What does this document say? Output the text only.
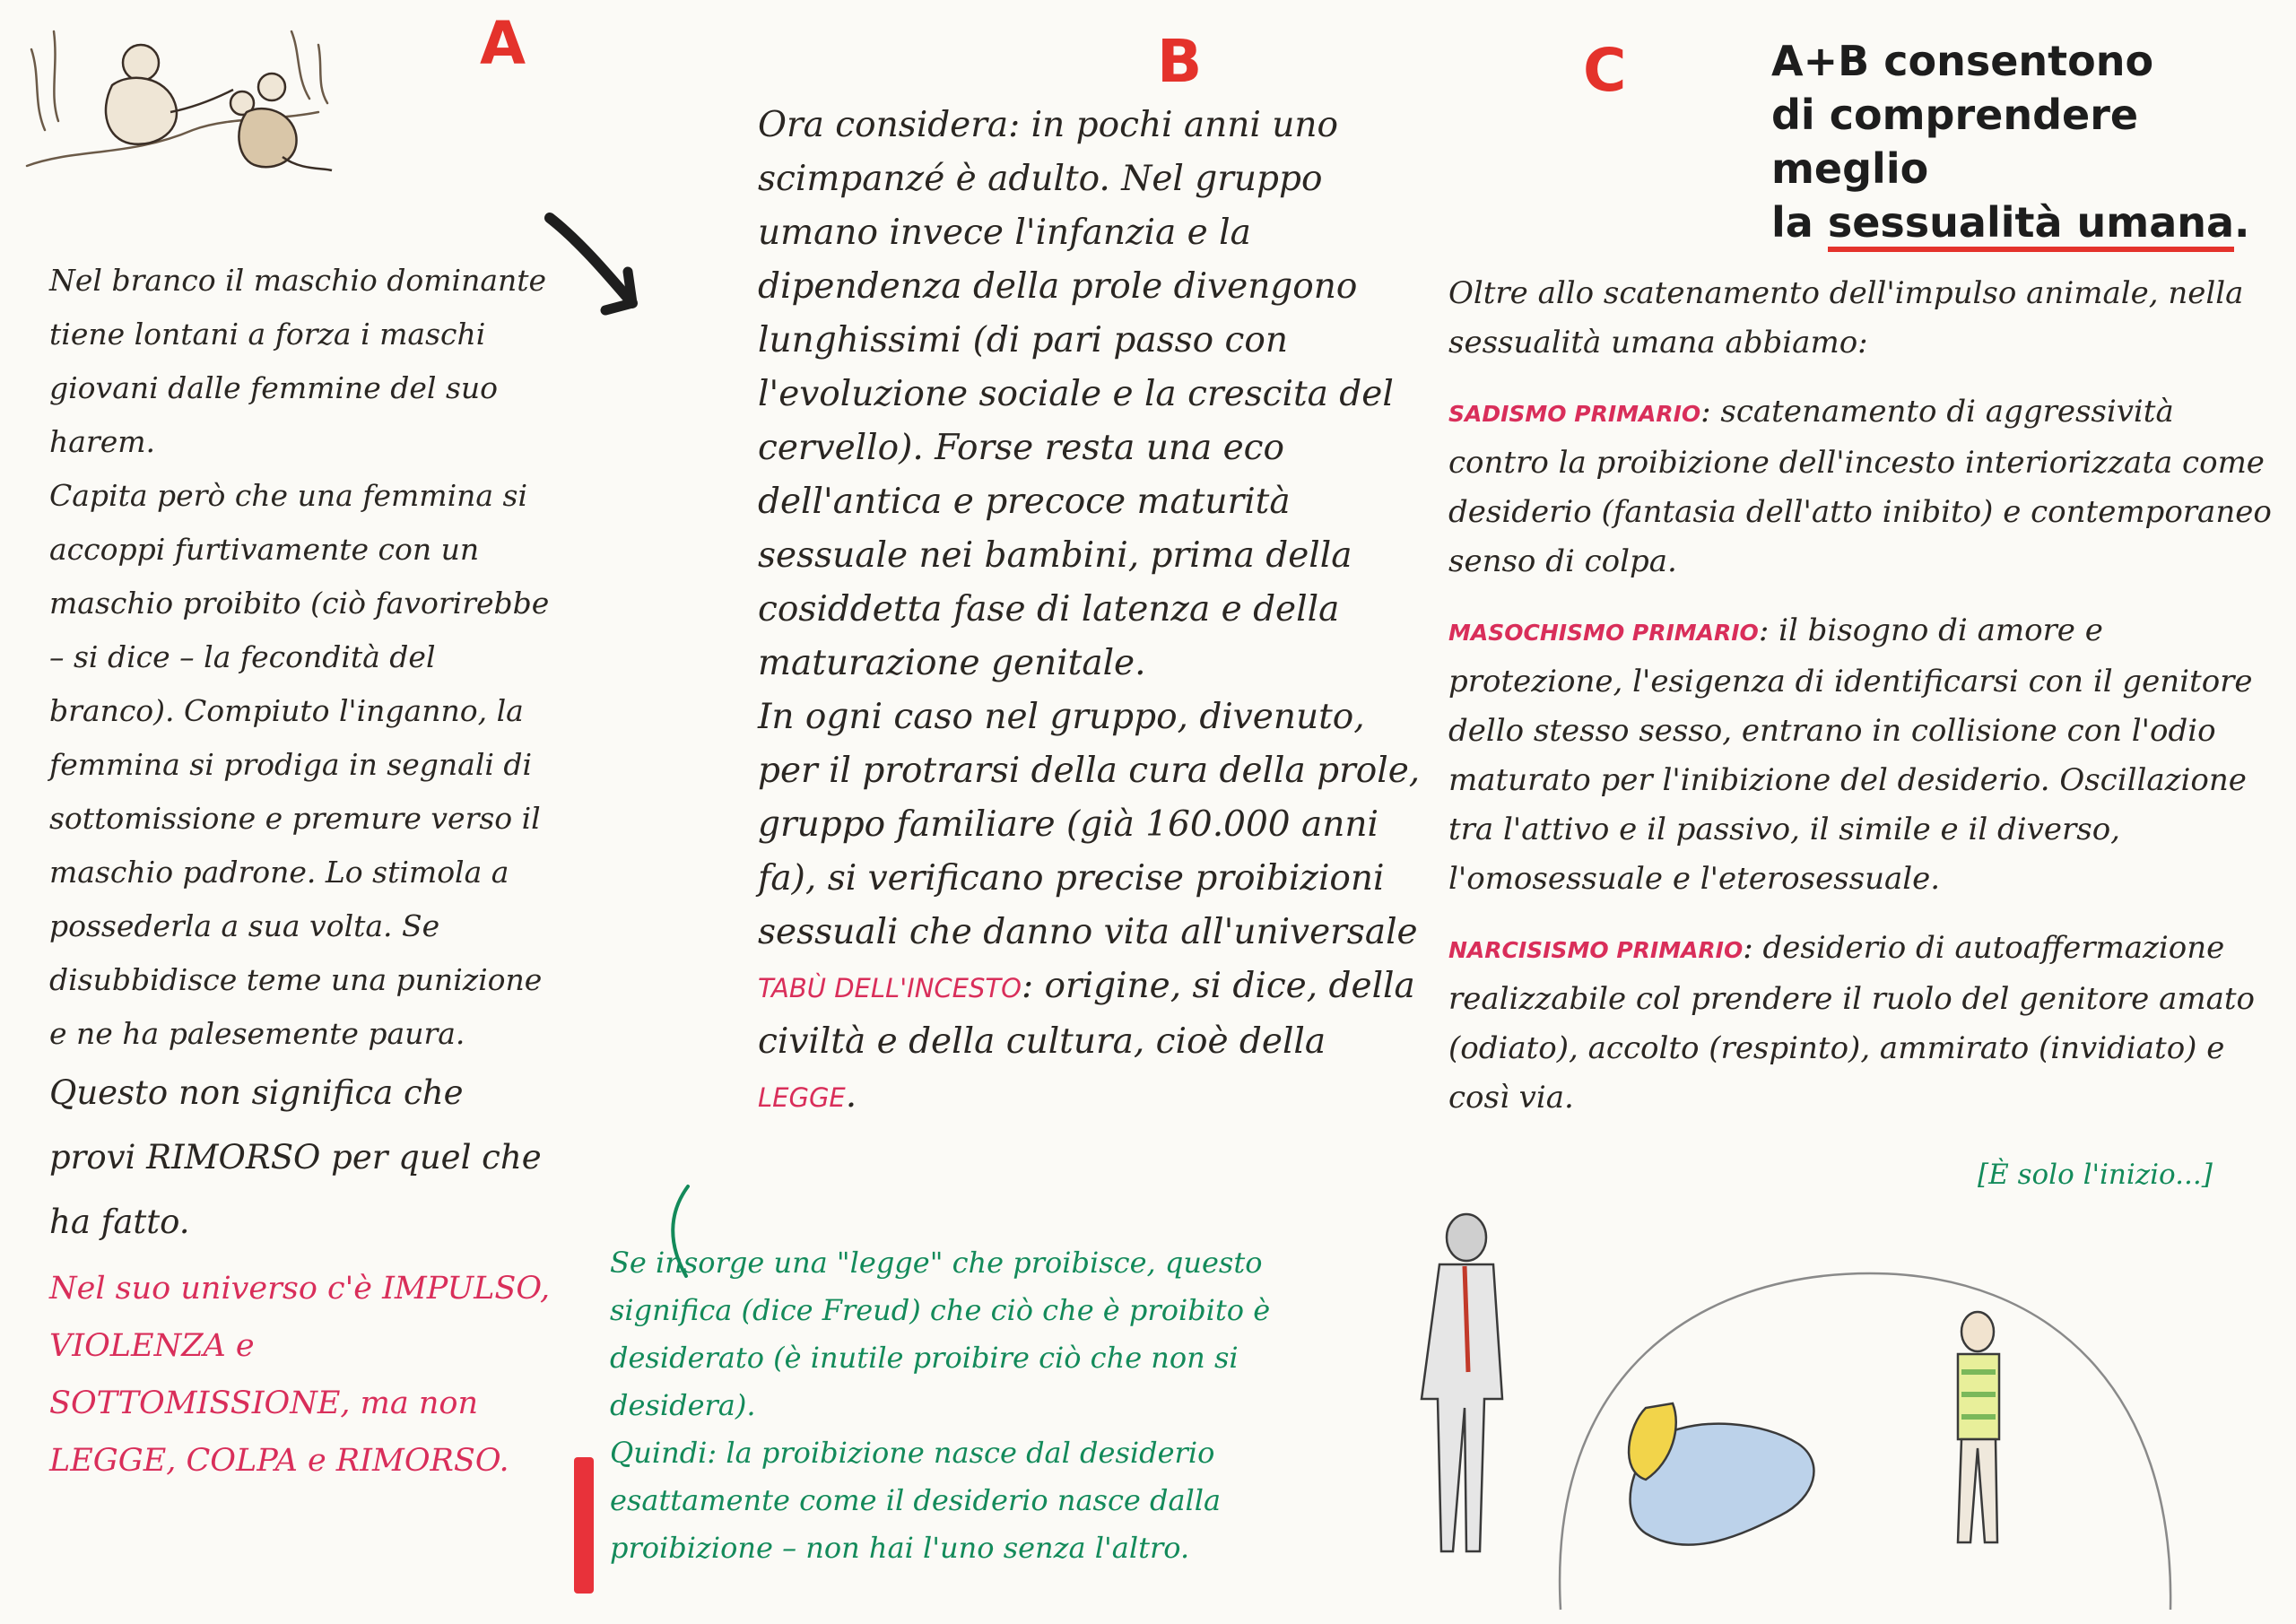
A	B	C	A+B consentono
di comprendere meglio
la sessualità umana.

Nel branco il maschio dominante tiene lontani a forza i maschi giovani dalle femmine del suo harem.

Capita però che una femmina si accoppi furtivamente con un maschio proibito (ciò favorirebbe – si dice – la fecondità del branco). Compiuto l'inganno, la femmina si prodiga in segnali di sottomissione e premure verso il maschio padrone. Lo stimola a possederla a sua volta. Se disubbidisce teme una punizione e ne ha palesemente paura.

Questo non significa che provi RIMORSO per quel che ha fatto.

Nel suo universo c'è IMPULSO, VIOLENZA e SOTTOMISSIONE, ma non LEGGE, COLPA e RIMORSO.

Ora considera: in pochi anni uno scimpanzé è adulto. Nel gruppo umano invece l'infanzia e la dipendenza della prole divengono lunghissimi (di pari passo con l'evoluzione sociale e la crescita del cervello). Forse resta una eco dell'antica e precoce maturità sessuale nei bambini, prima della cosiddetta fase di latenza e della maturazione genitale.

In ogni caso nel gruppo, divenuto, per il protrarsi della cura della prole, gruppo familiare (già 160.000 anni fa), si verificano precise proibizioni sessuali che danno vita all'universale TABÙ DELL'INCESTO: origine, si dice, della civiltà e della cultura, cioè della LEGGE.

Se insorge una "legge" che proibisce, questo significa (dice Freud) che ciò che è proibito è desiderato (è inutile proibire ciò che non si desidera).
Quindi: la proibizione nasce dal desiderio esattamente come il desiderio nasce dalla proibizione – non hai l'uno senza l'altro.

Oltre allo scatenamento dell'impulso animale, nella sessualità umana abbiamo:

SADISMO PRIMARIO: scatenamento di aggressività contro la proibizione dell'incesto interiorizzata come desiderio (fantasia dell'atto inibito) e contemporaneo senso di colpa.

MASOCHISMO PRIMARIO: il bisogno di amore e protezione, l'esigenza di identificarsi con il genitore dello stesso sesso, entrano in collisione con l'odio maturato per l'inibizione del desiderio. Oscillazione tra l'attivo e il passivo, il simile e il diverso, l'omosessuale e l'eterosessuale.

NARCISISMO PRIMARIO: desiderio di autoaffermazione realizzabile col prendere il ruolo del genitore amato (odiato), accolto (respinto), ammirato (invidiato) e così via.

[È solo l'inizio...]
